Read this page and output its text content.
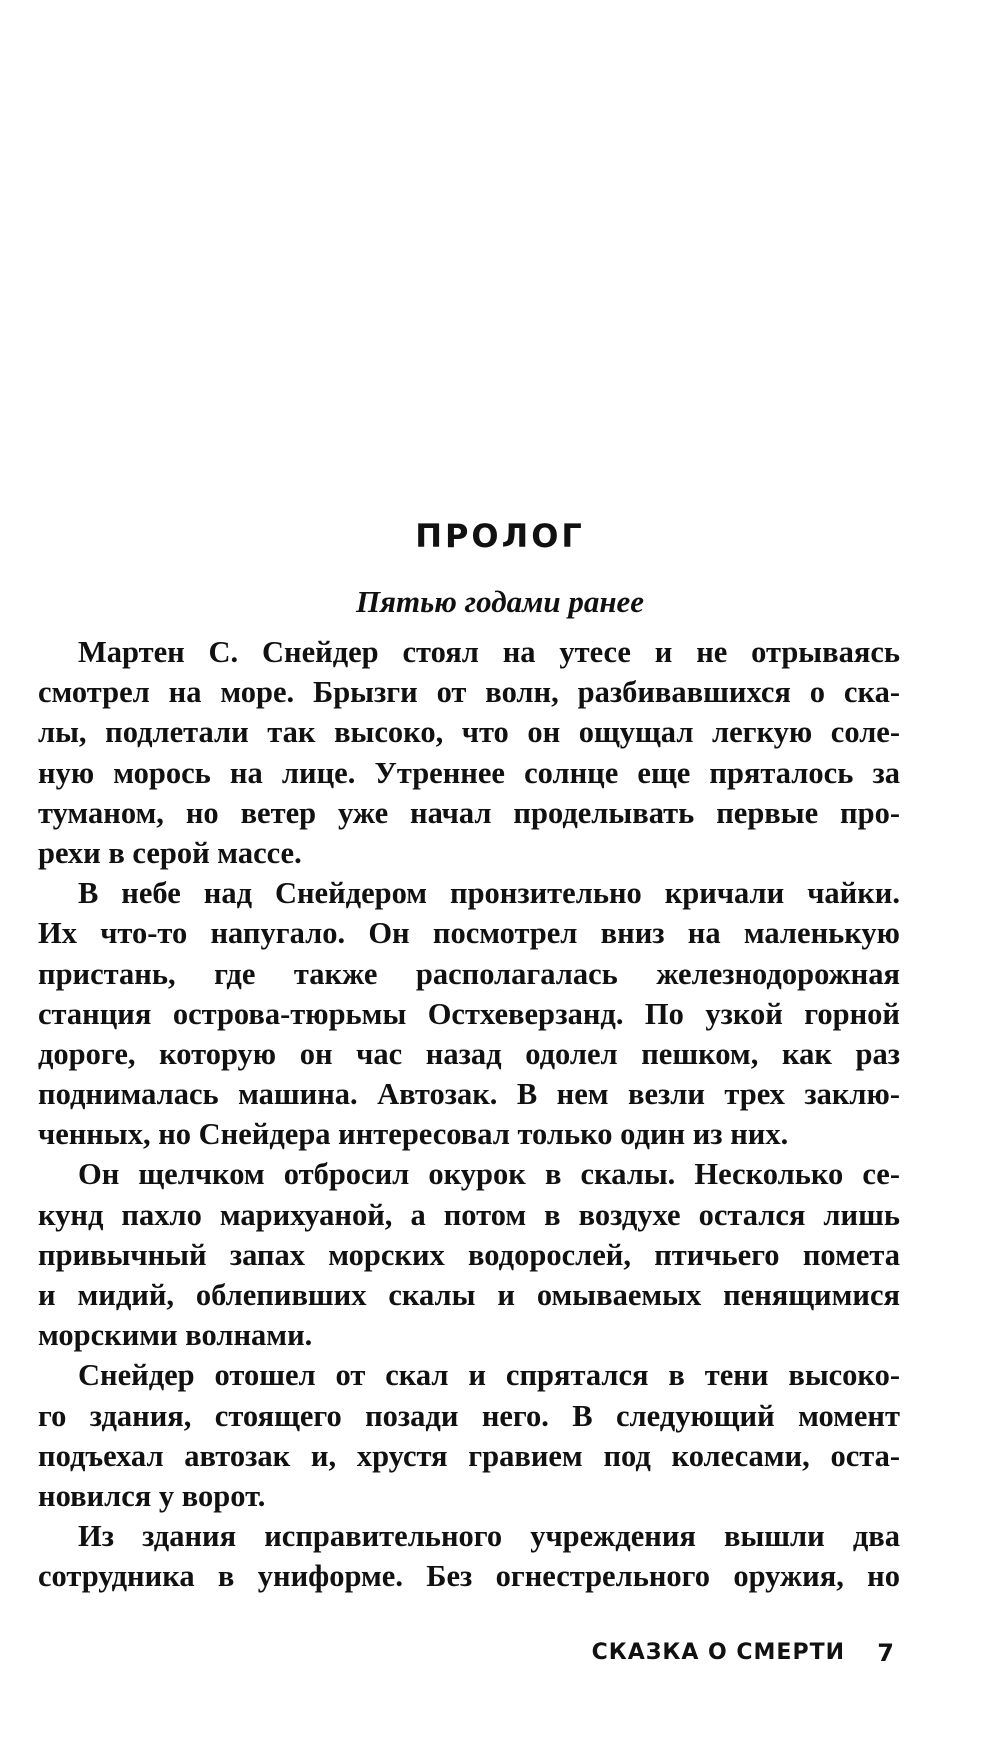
ПРОЛОГ
Пятью годами ранее
Мартен С. Снейдер стоял на утесе и не отрываясь
смотрел на море. Брызги от волн, разбивавшихся о ска-
лы, подлетали так высоко, что он ощущал легкую соле-
ную морось на лице. Утреннее солнце еще пряталось за
туманом, но ветер уже начал проделывать первые про-
рехи в серой массе.
В небе над Снейдером пронзительно кричали чайки.
Их что-то напугало. Он посмотрел вниз на маленькую
пристань, где также располагалась железнодорожная
станция острова-тюрьмы Остхеверзанд. По узкой горной
дороге, которую он час назад одолел пешком, как раз
поднималась машина. Автозак. В нем везли трех заклю-
ченных, но Снейдера интересовал только один из них.
Он щелчком отбросил окурок в скалы. Несколько се-
кунд пахло марихуаной, а потом в воздухе остался лишь
привычный запах морских водорослей, птичьего помета
и мидий, облепивших скалы и омываемых пенящимися
морскими волнами.
Снейдер отошел от скал и спрятался в тени высоко-
го здания, стоящего позади него. В следующий момент
подъехал автозак и, хрустя гравием под колесами, оста-
новился у ворот.
Из здания исправительного учреждения вышли два
сотрудника в униформе. Без огнестрельного оружия, но
СКАЗКА О СМЕРТИ 7
